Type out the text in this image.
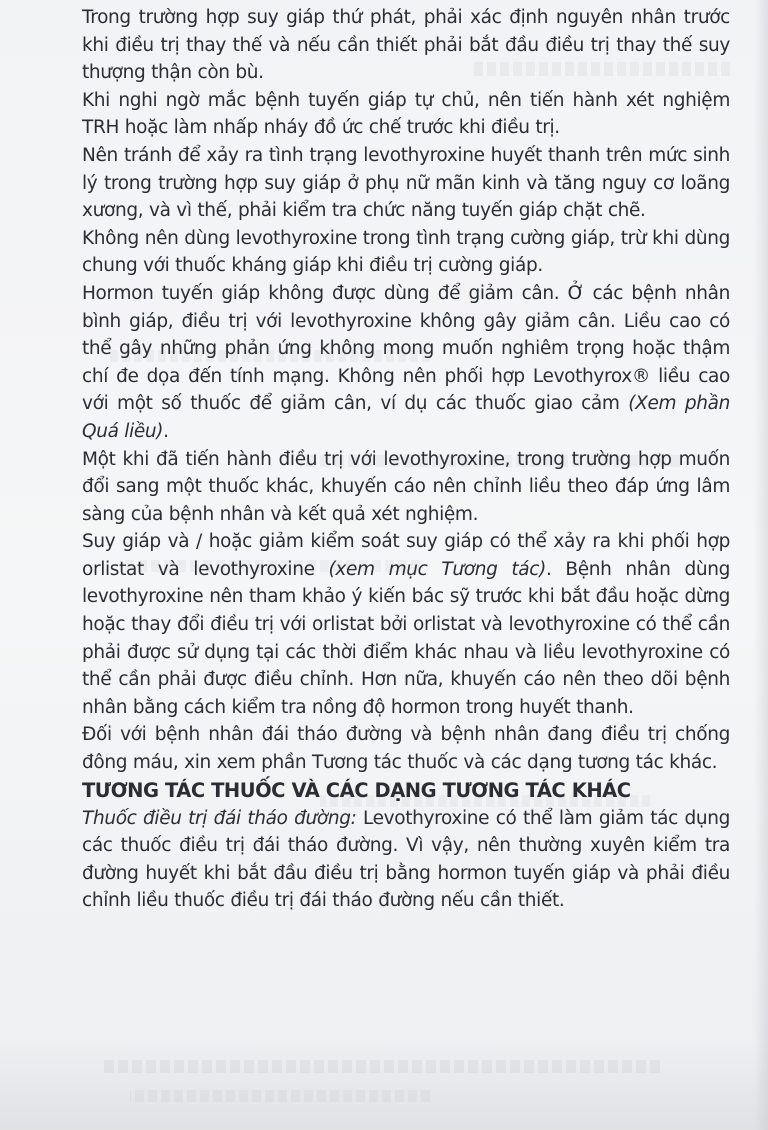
Trong trường hợp suy giáp thứ phát, phải xác định nguyên nhân trước khi điều trị thay thế và nếu cần thiết phải bắt đầu điều trị thay thế suy thượng thận còn bù.

Khi nghi ngờ mắc bệnh tuyến giáp tự chủ, nên tiến hành xét nghiệm TRH hoặc làm nhấp nháy đồ ức chế trước khi điều trị.

Nên tránh để xảy ra tình trạng levothyroxine huyết thanh trên mức sinh lý trong trường hợp suy giáp ở phụ nữ mãn kinh và tăng nguy cơ loãng xương, và vì thế, phải kiểm tra chức năng tuyến giáp chặt chẽ.

Không nên dùng levothyroxine trong tình trạng cường giáp, trừ khi dùng chung với thuốc kháng giáp khi điều trị cường giáp.

Hormon tuyến giáp không được dùng để giảm cân. Ở các bệnh nhân bình giáp, điều trị với levothyroxine không gây giảm cân. Liều cao có thể gây những phản ứng không mong muốn nghiêm trọng hoặc thậm chí đe dọa đến tính mạng. Không nên phối hợp Levothyrox® liều cao với một số thuốc để giảm cân, ví dụ các thuốc giao cảm (Xem phần Quá liều).

Một khi đã tiến hành điều trị với levothyroxine, trong trường hợp muốn đổi sang một thuốc khác, khuyến cáo nên chỉnh liều theo đáp ứng lâm sàng của bệnh nhân và kết quả xét nghiệm.

Suy giáp và / hoặc giảm kiểm soát suy giáp có thể xảy ra khi phối hợp orlistat và levothyroxine (xem mục Tương tác). Bệnh nhân dùng levothyroxine nên tham khảo ý kiến bác sỹ trước khi bắt đầu hoặc dừng hoặc thay đổi điều trị với orlistat bởi orlistat và levothyroxine có thể cần phải được sử dụng tại các thời điểm khác nhau và liều levothyroxine có thể cần phải được điều chỉnh. Hơn nữa, khuyến cáo nên theo dõi bệnh nhân bằng cách kiểm tra nồng độ hormon trong huyết thanh.

Đối với bệnh nhân đái tháo đường và bệnh nhân đang điều trị chống đông máu, xin xem phần Tương tác thuốc và các dạng tương tác khác.

TƯƠNG TÁC THUỐC VÀ CÁC DẠNG TƯƠNG TÁC KHÁC

Thuốc điều trị đái tháo đường: Levothyroxine có thể làm giảm tác dụng các thuốc điều trị đái tháo đường. Vì vậy, nên thường xuyên kiểm tra đường huyết khi bắt đầu điều trị bằng hormon tuyến giáp và phải điều chỉnh liều thuốc điều trị đái tháo đường nếu cần thiết.
